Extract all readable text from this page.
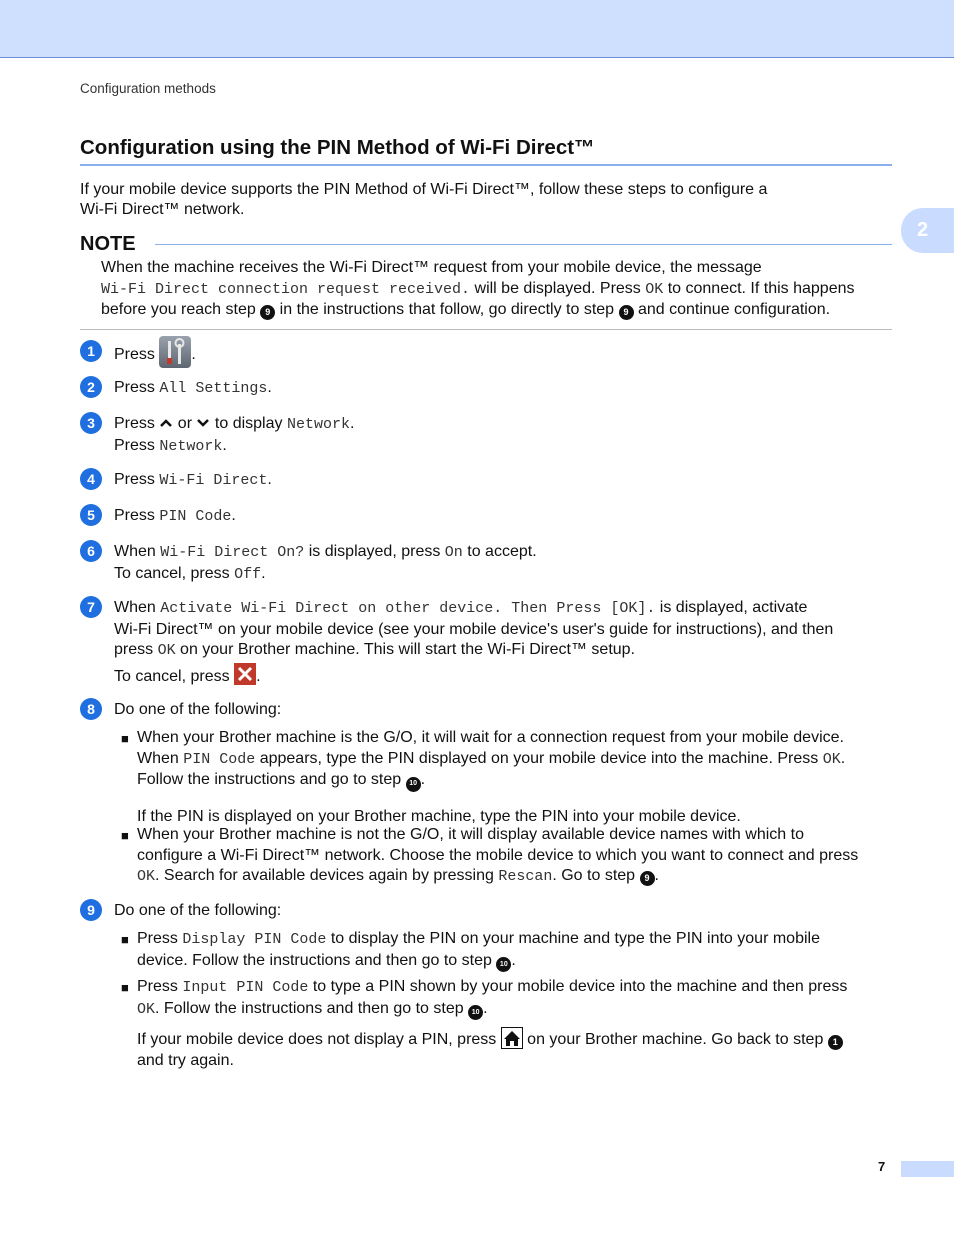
Configuration methods
2
Configuration using the PIN Method of Wi-Fi Direct™
If your mobile device supports the PIN Method of Wi-Fi Direct™, follow these steps to configure a
Wi-Fi Direct™ network.
NOTE
When the machine receives the Wi-Fi Direct™ request from your mobile device, the message
Wi-Fi Direct connection request received. will be displayed. Press OK to connect. If this happens
before you reach step 9 in the instructions that follow, go directly to step 9 and continue configuration.
1	Press .
2	Press All Settings.
3	Press  or  to display Network.
Press Network.
4	Press Wi-Fi Direct.
5	Press PIN Code.
6	When Wi-Fi Direct On? is displayed, press On to accept.
To cancel, press Off.
7	When Activate Wi-Fi Direct on other device. Then Press [OK]. is displayed, activate
Wi-Fi Direct™ on your mobile device (see your mobile device's user's guide for instructions), and then
press OK on your Brother machine. This will start the Wi-Fi Direct™ setup.
To cancel, press .
8	Do one of the following:
■ When your Brother machine is the G/O, it will wait for a connection request from your mobile device.
When PIN Code appears, type the PIN displayed on your mobile device into the machine. Press OK.
Follow the instructions and go to step 10 .
If the PIN is displayed on your Brother machine, type the PIN into your mobile device.
■ When your Brother machine is not the G/O, it will display available device names with which to
configure a Wi-Fi Direct™ network. Choose the mobile device to which you want to connect and press
OK. Search for available devices again by pressing Rescan. Go to step 9 .
9	Do one of the following:
■ Press Display PIN Code to display the PIN on your machine and type the PIN into your mobile
device. Follow the instructions and then go to step 10 .
■ Press Input PIN Code to type a PIN shown by your mobile device into the machine and then press
OK. Follow the instructions and then go to step 10 .
If your mobile device does not display a PIN, press  on your Brother machine. Go back to step 1
and try again.
7
